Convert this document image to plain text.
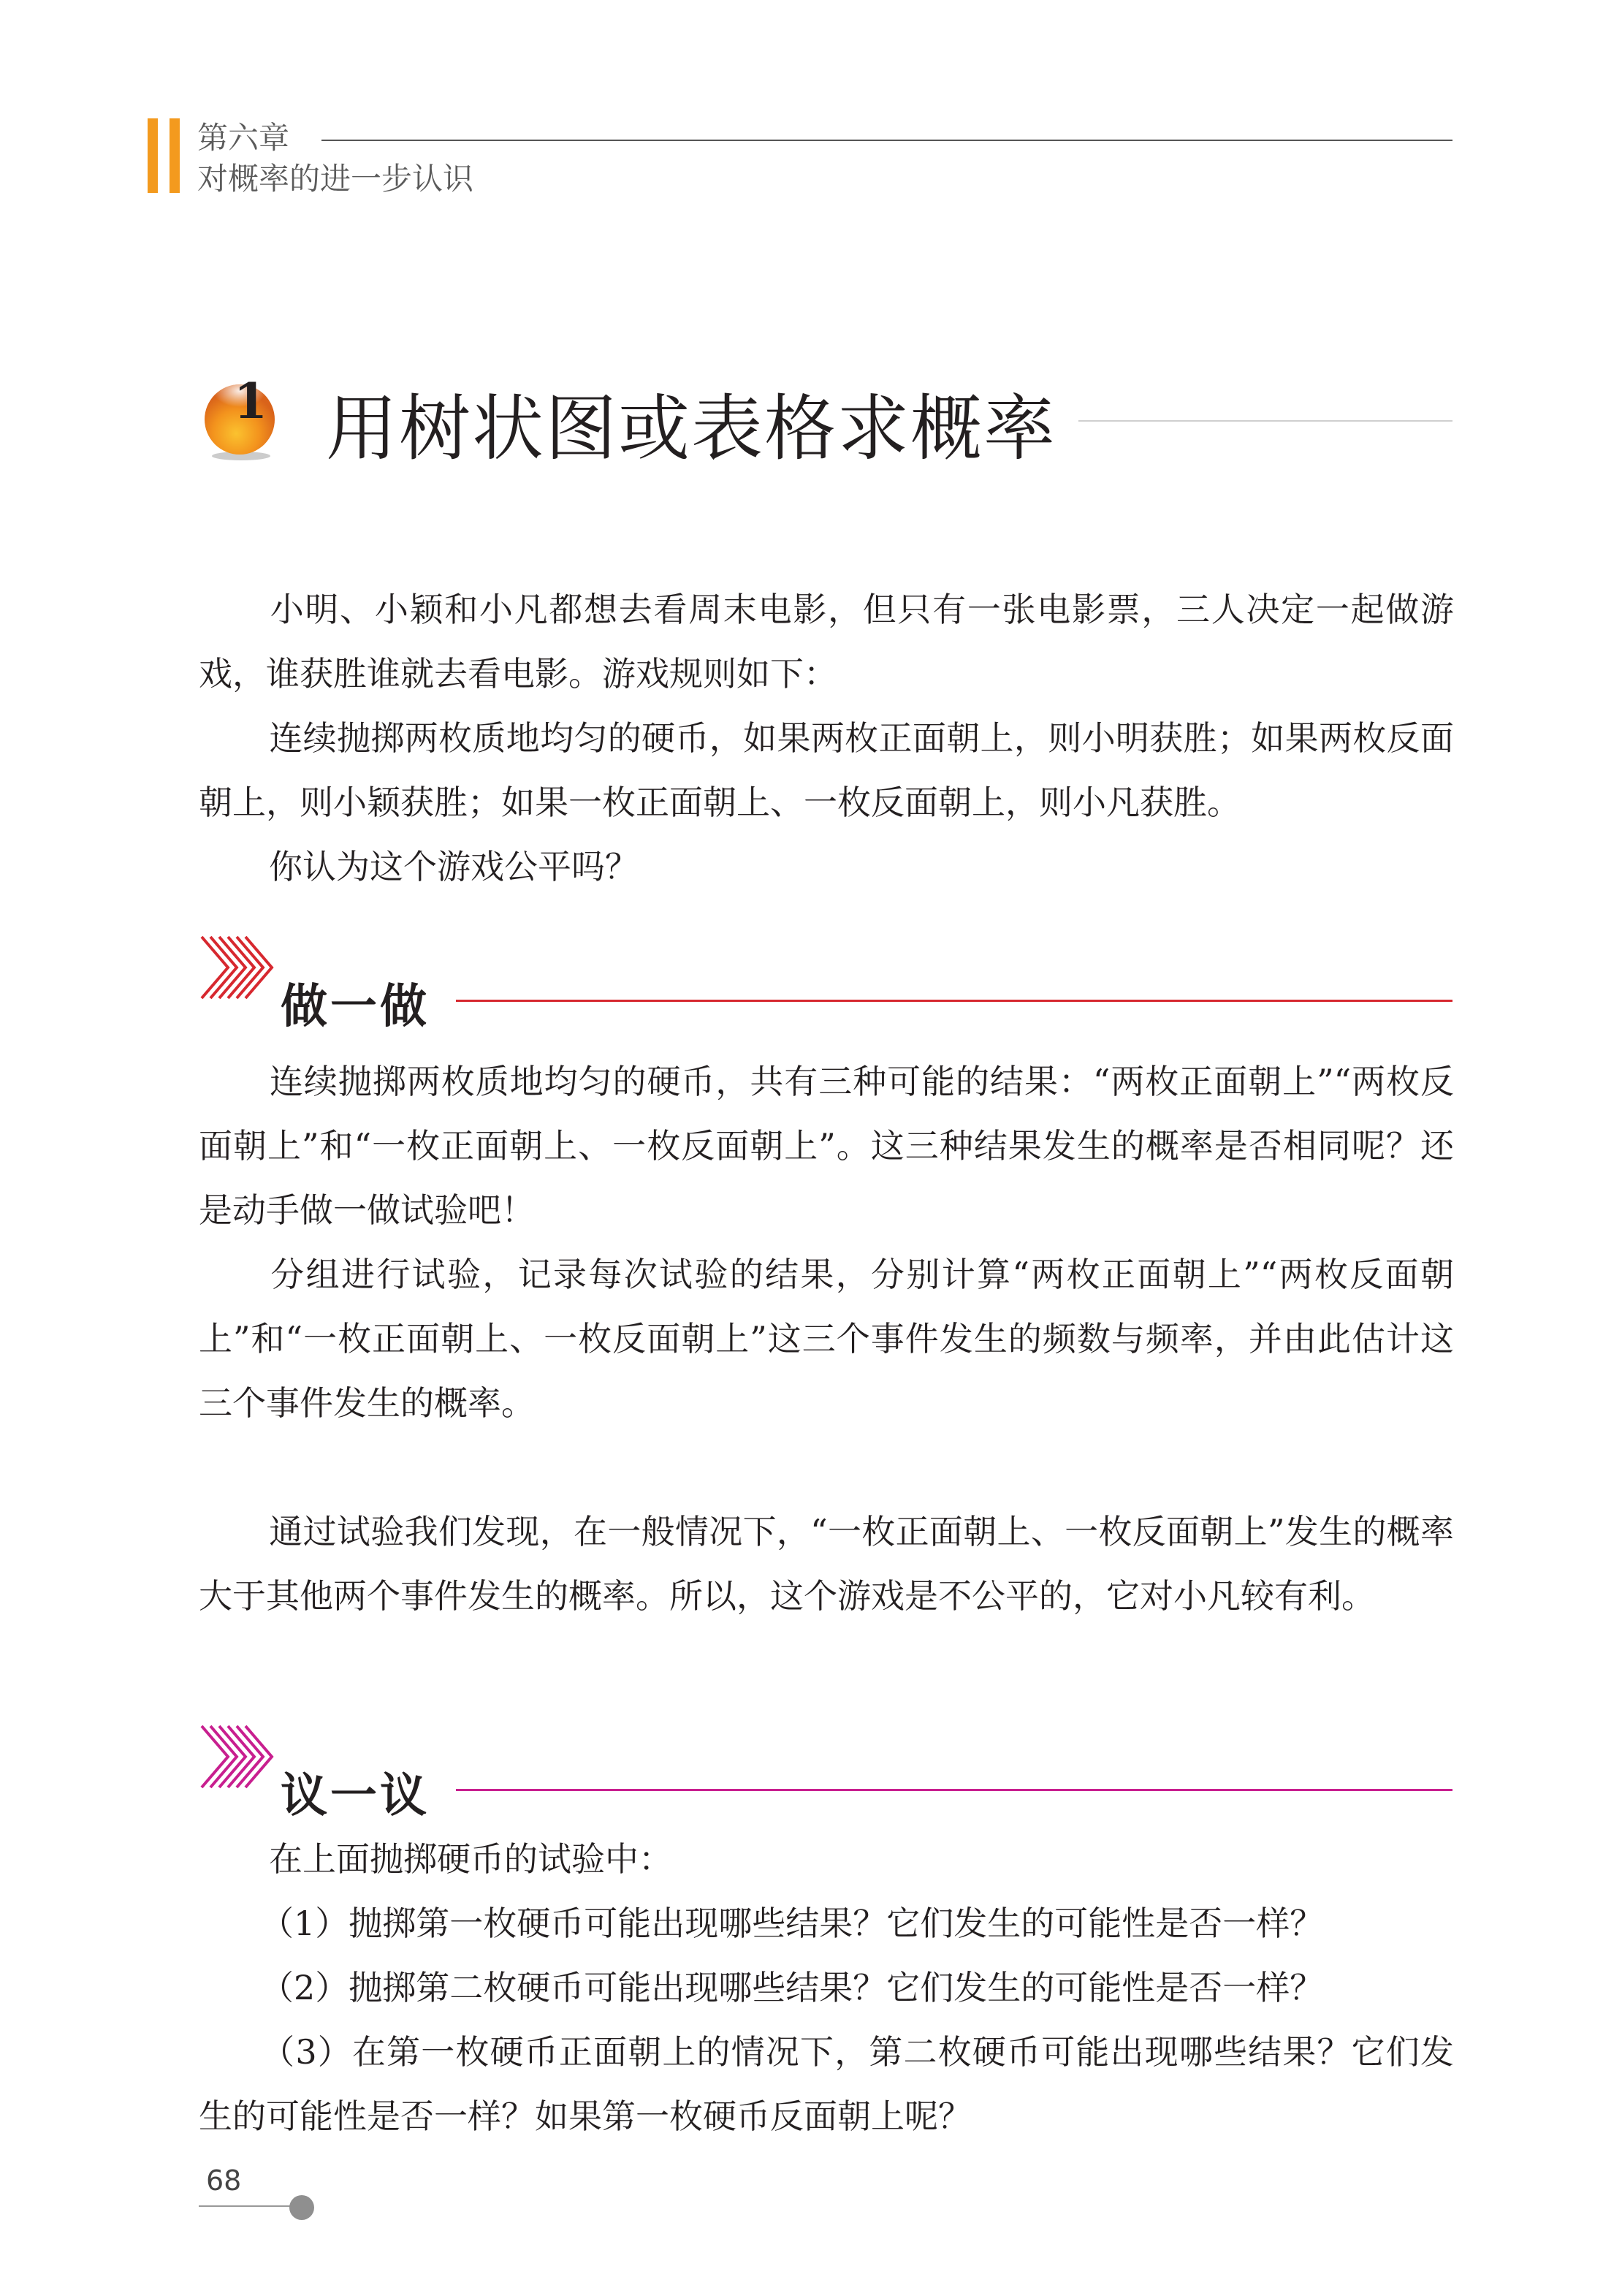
第六章
对概率的进一步认识
1 用树状图或表格求概率
小明、小颖和小凡都想去看周末电影，但只有一张电影票，三人决定一起做游戏，谁获胜谁就去看电影。游戏规则如下：
连续抛掷两枚质地均匀的硬币，如果两枚正面朝上，则小明获胜；如果两枚反面朝上，则小颖获胜；如果一枚正面朝上、一枚反面朝上，则小凡获胜。
你认为这个游戏公平吗？
做一做
连续抛掷两枚质地均匀的硬币，共有三种可能的结果：“两枚正面朝上”“两枚反面朝上”和“一枚正面朝上、一枚反面朝上”。这三种结果发生的概率是否相同呢？还是动手做一做试验吧！
分组进行试验，记录每次试验的结果，分别计算“两枚正面朝上”“两枚反面朝上”和“一枚正面朝上、一枚反面朝上”这三个事件发生的频数与频率，并由此估计这三个事件发生的概率。
通过试验我们发现，在一般情况下，“一枚正面朝上、一枚反面朝上”发生的概率大于其他两个事件发生的概率。所以，这个游戏是不公平的，它对小凡较有利。
议一议
在上面抛掷硬币的试验中：
（1）抛掷第一枚硬币可能出现哪些结果？它们发生的可能性是否一样？
（2）抛掷第二枚硬币可能出现哪些结果？它们发生的可能性是否一样？
（3）在第一枚硬币正面朝上的情况下，第二枚硬币可能出现哪些结果？它们发生的可能性是否一样？如果第一枚硬币反面朝上呢？
68
